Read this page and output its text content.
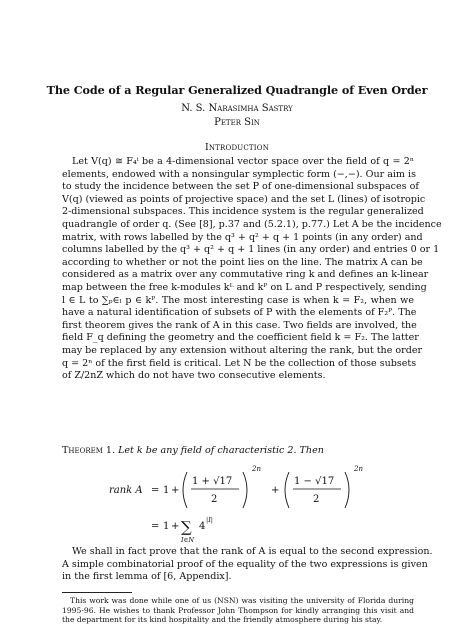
The Code of a Regular Generalized Quadrangle of Even Order
N. S. Narasimha Sastry
Peter Sin
Introduction
Let V(q) ≅ F₄ⁱ be a 4-dimensional vector space over the field of q = 2ⁿ
elements, endowed with a nonsingular symplectic form (−,−). Our aim is
to study the incidence between the set P of one-dimensional subspaces of
V(q) (viewed as points of projective space) and the set L (lines) of isotropic
2-dimensional subspaces. This incidence system is the regular generalized
quadrangle of order q. (See [8], p.37 and (5.2.1), p.77.) Let A be the incidence
matrix, with rows labelled by the q³ + q² + q + 1 points (in any order) and
columns labelled by the q³ + q² + q + 1 lines (in any order) and entries 0 or 1
according to whether or not the point lies on the line. The matrix A can be
considered as a matrix over any commutative ring k and defines an k-linear
map between the free k-modules kᴸ and kᴾ on L and P respectively, sending
l ∈ L to ∑ₚ∈ₗ p ∈ kᴾ. The most interesting case is when k = F₂, when we
have a natural identification of subsets of P with the elements of F₂ᴾ. The
first theorem gives the rank of A in this case. Two fields are involved, the
field F_q defining the geometry and the coefficient field k = F₂. The latter
may be replaced by any extension without altering the rank, but the order
q = 2ⁿ of the first field is critical. Let N be the collection of those subsets
of Z/2nZ which do not have two consecutive elements.
Theorem 1. Let k be any field of characteristic 2. Then
rank A = 1 +
1 + √17
2
2n
+
1 − √17
2
2n
= 1 + ∑
I∈N
4
|I|
We shall in fact prove that the rank of A is equal to the second expression.
A simple combinatorial proof of the equality of the two expressions is given
in the first lemma of [6, Appendix].
This work was done while one of us (NSN) was visiting the university of Florida during
1995-96. He wishes to thank Professor John Thompson for kindly arranging this visit and
the department for its kind hospitality and the friendly atmosphere during his stay.
